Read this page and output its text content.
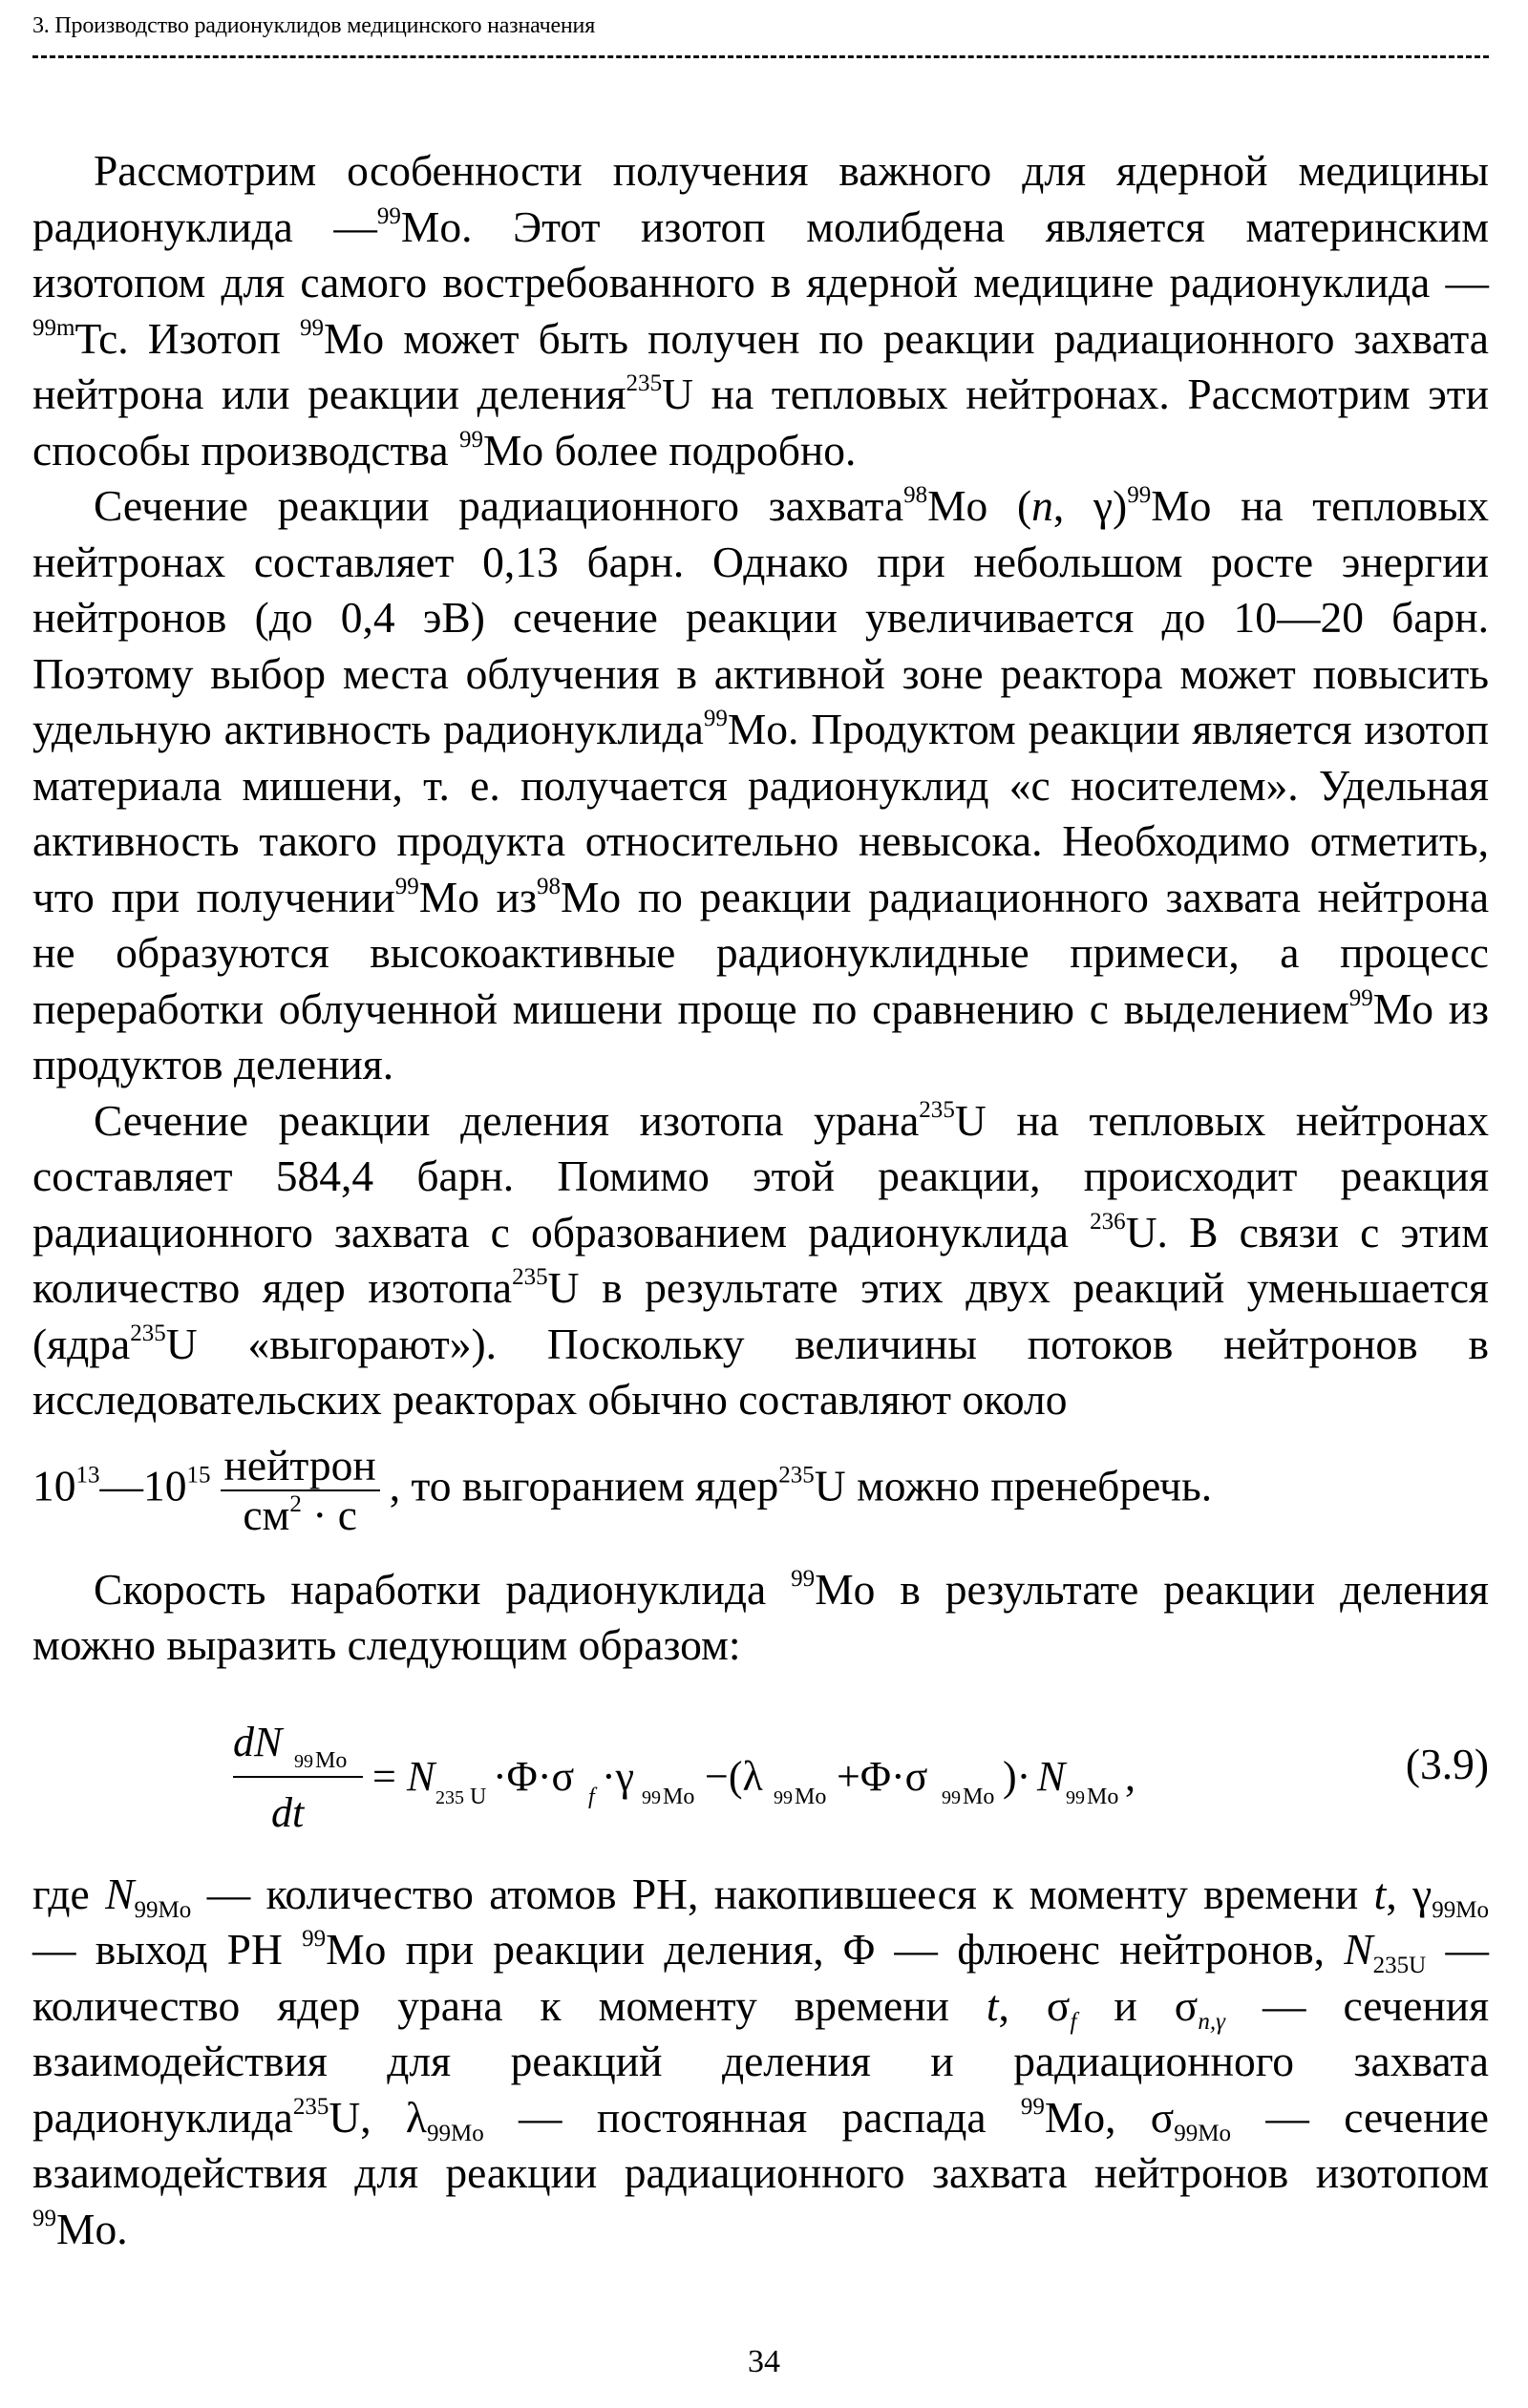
3. Производство радионуклидов медицинского назначения

Рассмотрим особенности получения важного для ядерной медицины радионуклида —$^{99}$Mo. Этот изотоп молибдена является материнским изотопом для самого востребованного в ядерной медицине радионуклида —$^{99m}$Tc. Изотоп $^{99}$Mo может быть получен по реакции радиационного захвата нейтрона или реакции деления$^{235}$U на тепловых нейтронах. Рассмотрим эти способы производства $^{99}$Mo более подробно.

Сечение реакции радиационного захвата$^{98}$Mo (n, γ)$^{99}$Mo на тепловых нейтронах составляет 0,13 барн. Однако при небольшом росте энергии нейтронов (до 0,4 эВ) сечение реакции увеличивается до 10—20 барн. Поэтому выбор места облучения в активной зоне реактора может повысить удельную активность радионуклида$^{99}$Mo. Продуктом реакции является изотоп материала мишени, т. е. получается радионуклид «с носителем». Удельная активность такого продукта относительно невысока. Необходимо отметить, что при получении$^{99}$Mo $из^{98}Mo$ по реакции радиационного захвата нейтрона не образуются высокоактивные радионуклидные примеси, а процесс переработки облученной мишени проще по сравнению с выделением$^{99}$Mo из продуктов деления.

Сечение реакции деления изотопа урана$^{235}$U на тепловых нейтронах составляет 584,4 барн. Помимо этой реакции, происходит реакция радиационного захвата с образованием радионуклида $^{236}$U. В связи с этим количество ядер изотопа$^{235}$U в результате этих двух реакций уменьшается (ядра$^{235}$U «выгорают»). Поскольку величины потоков нейтронов в исследовательских реакторах обычно составляют около

$10^{13}—10^{15} \frac{\text{нейтрон}}{см^2 \cdot с}$ , то выгоранием ядер$^{235}$U можно пренебречь.

Скорость наработки радионуклида $^{99}$Mo в результате реакции деления можно выразить следующим образом:

dN 99 Mo
dt
= N 235 U ·Φ·σ f ·γ 99 Mo −(λ 99 Mo +Φ·σ 99 Mo )· N 99 Mo ,	(3.9)

где $N_{99Mo}$ — количество атомов РН, накопившееся к моменту времени t, $\gamma_{99Mo}$ — выход РН $^{99}$Mo при реакции деления, Φ — флюенс нейтронов, $N_{235U}$ — количество ядер урана к моменту времени t, $\sigma_f$ и $\sigma_{n,\gamma}$ — сечения взаимодействия для реакций деления и радиационного захвата радионуклида$^{235}$U, $\lambda_{99Mo}$ — постоянная распада $^{99}$Mo, $\sigma_{99Mo}$ — сечение взаимодействия для реакции радиационного захвата нейтронов изотопом $^{99}$Mo.

34
